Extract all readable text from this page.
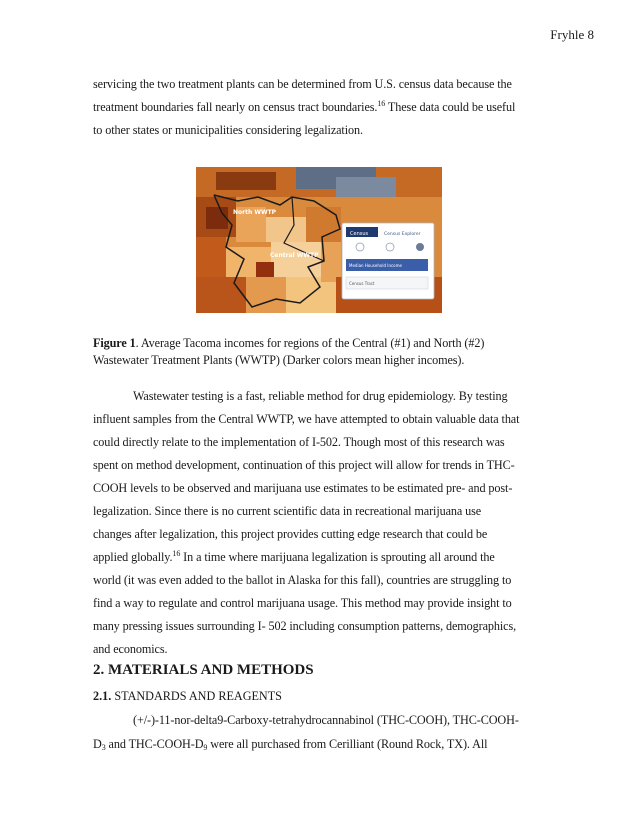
Fryhle 8
servicing the two treatment plants can be determined from U.S. census data because the
treatment boundaries fall nearly on census tract boundaries.$^{16}$ These data could be useful
to other states or municipalities considering legalization.
North WWTP
Central WWTP
Census	Census Explorer
Median Household Income
Census Tract
Figure 1. Average Tacoma incomes for regions of the Central (#1) and North (#2)
Wastewater Treatment Plants (WWTP) (Darker colors mean higher incomes).
Wastewater testing is a fast, reliable method for drug epidemiology. By testing
influent samples from the Central WWTP, we have attempted to obtain valuable data that
could directly relate to the implementation of I-502. Though most of this research was
spent on method development, continuation of this project will allow for trends in THC-
COOH levels to be observed and marijuana use estimates to be estimated pre- and post-
legalization. Since there is no current scientific data in recreational marijuana use
changes after legalization, this project provides cutting edge research that could be
applied globally.$^{16}$ In a time where marijuana legalization is sprouting all around the
world (it was even added to the ballot in Alaska for this fall), countries are struggling to
find a way to regulate and control marijuana usage. This method may provide insight to
many pressing issues surrounding I- 502 including consumption patterns, demographics,
and economics.
2. MATERIALS AND METHODS
2.1. STANDARDS AND REAGENTS
(+/-)-11-nor-delta9-Carboxy-tetrahydrocannabinol (THC-COOH), THC-COOH-
$D_3$ and THC-$COOH-D_9$ were all purchased from Cerilliant (Round Rock, TX). All
